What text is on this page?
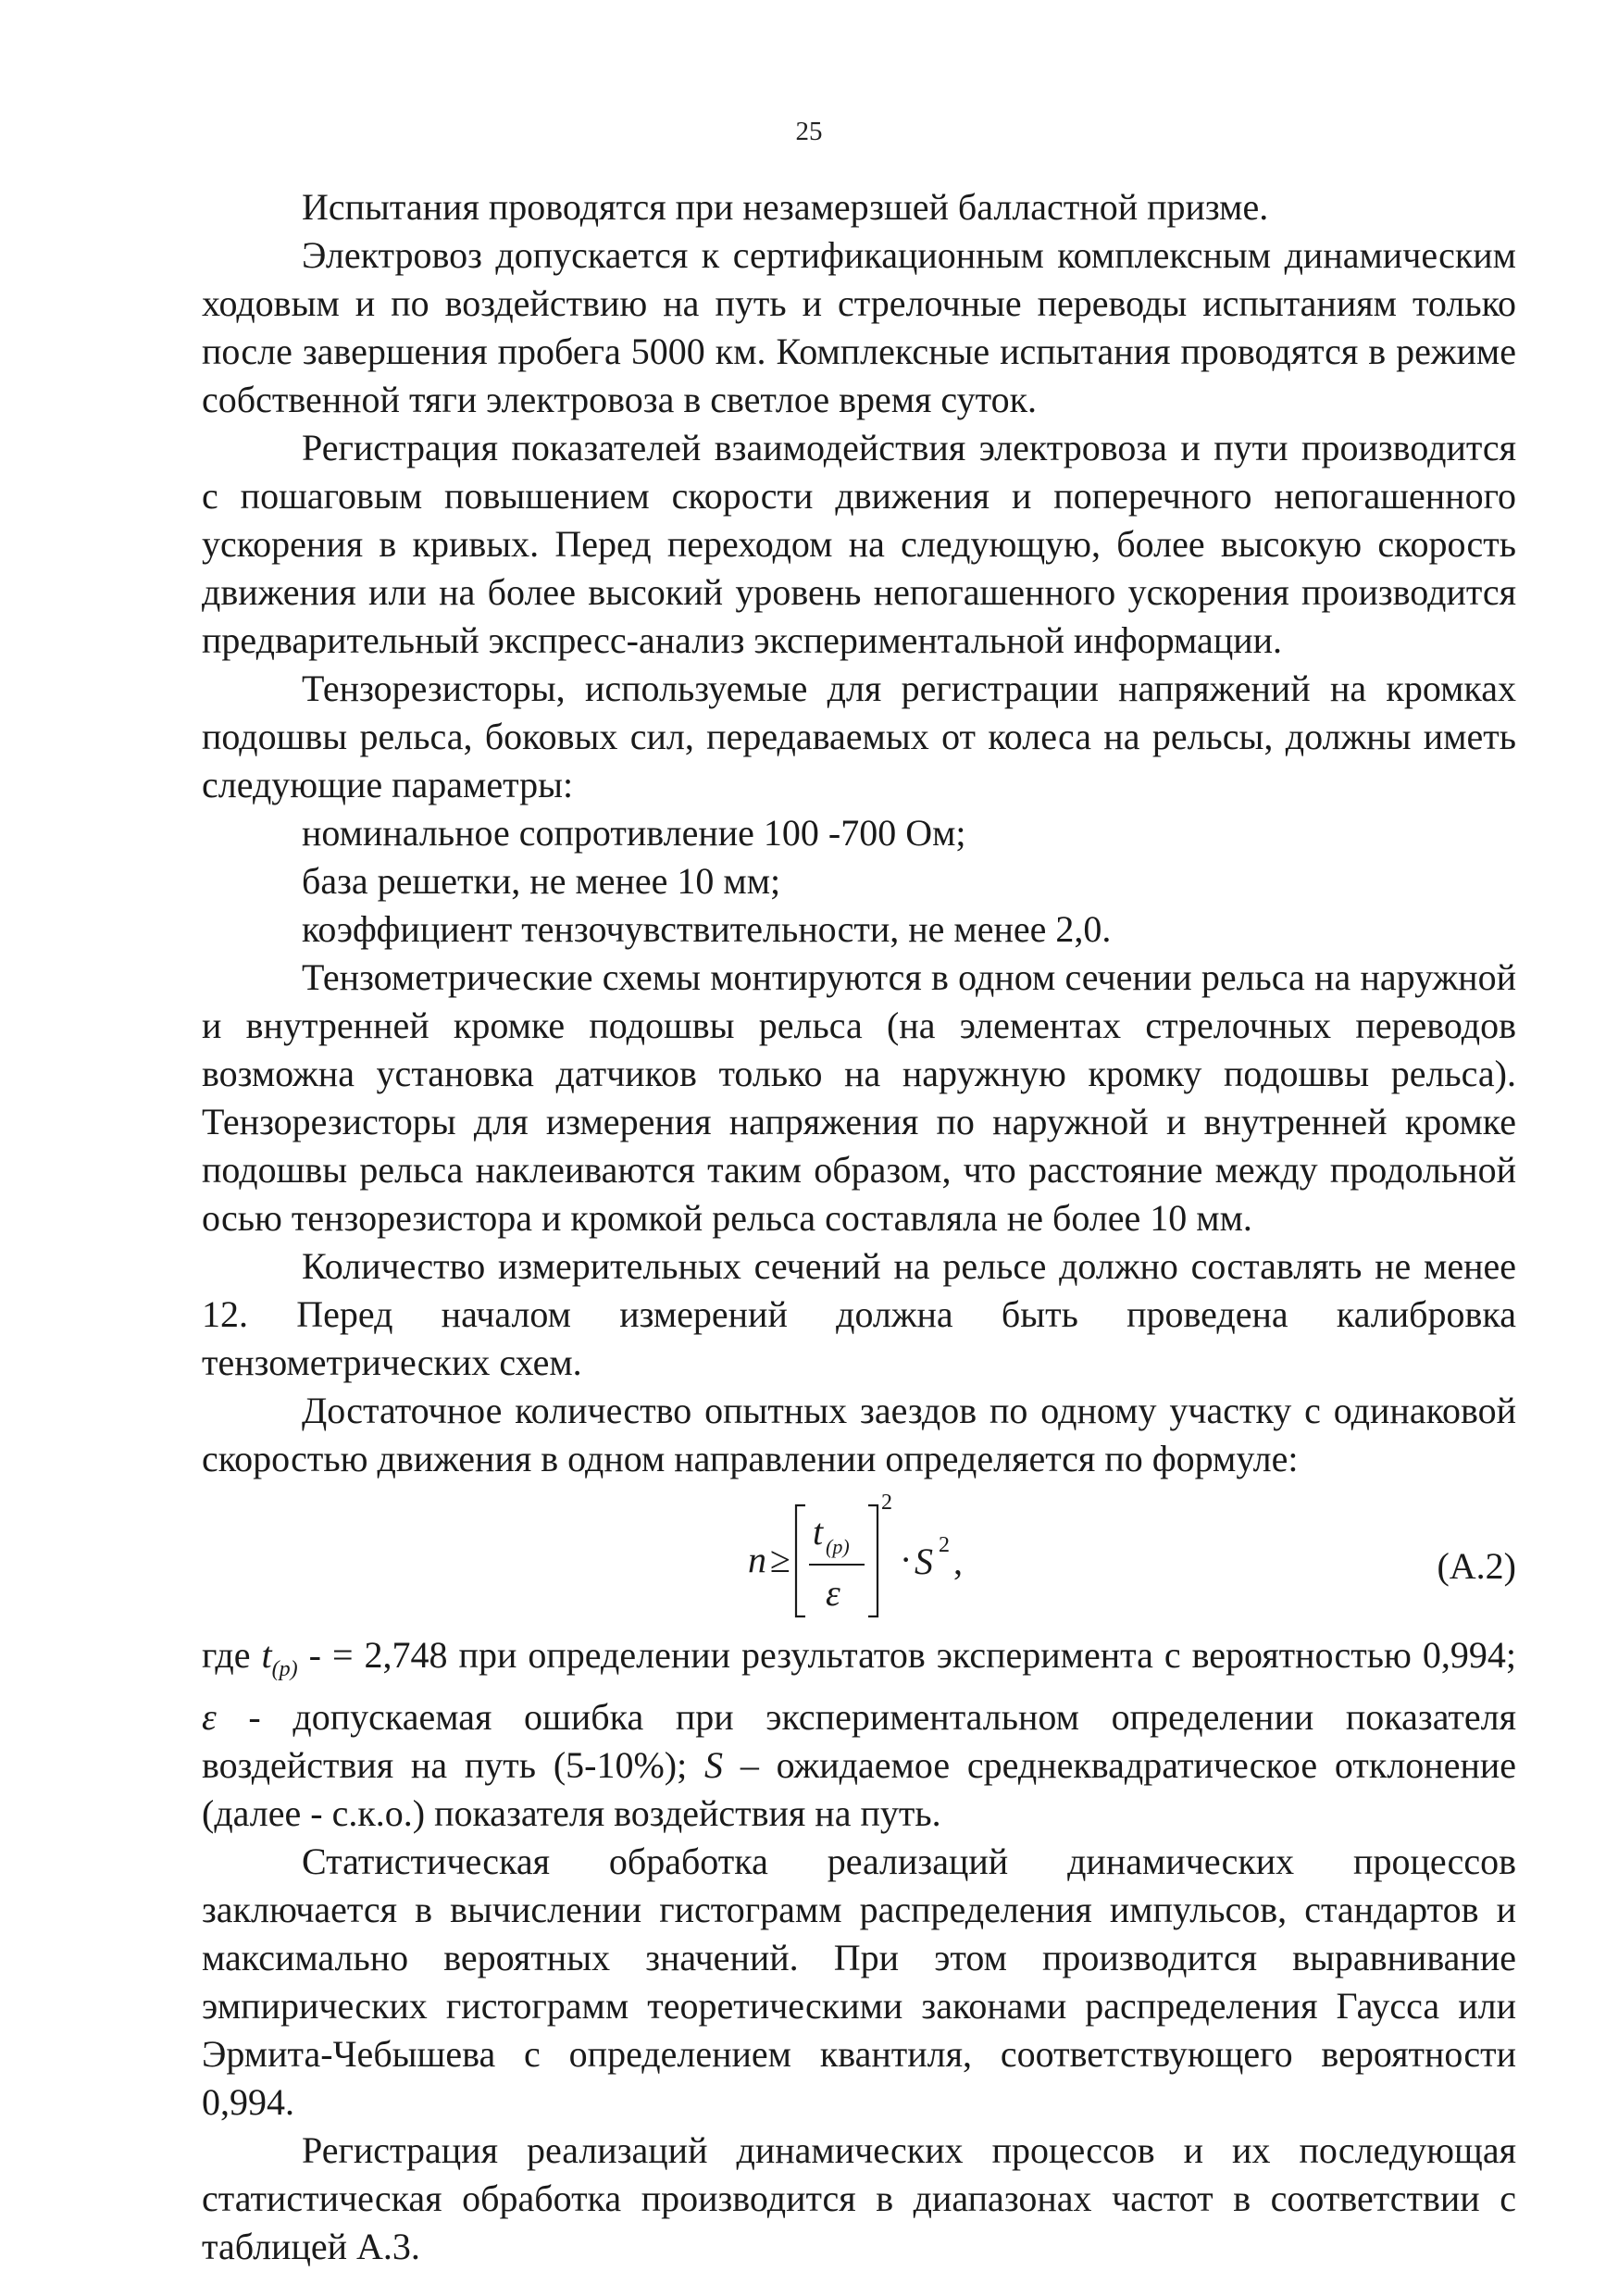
25

Испытания проводятся при незамерзшей балластной призме.

Электровоз допускается к сертификационным комплексным динамическим ходовым и по воздействию на путь и стрелочные переводы испытаниям только после завершения пробега 5000 км. Комплексные испытания проводятся в режиме собственной тяги электровоза в светлое время суток.

Регистрация показателей взаимодействия электровоза и пути производится с пошаговым повышением скорости движения и поперечного непогашенного ускорения в кривых. Перед переходом на следующую, более высокую скорость движения или на более высокий уровень непогашенного ускорения производится предварительный экспресс-анализ экспериментальной информации.

Тензорезисторы, используемые для регистрации напряжений на кромках подошвы рельса, боковых сил, передаваемых от колеса на рельсы, должны иметь следующие параметры:

номинальное сопротивление 100 -700 Ом;

база решетки, не менее 10 мм;

коэффициент тензочувствительности, не менее 2,0.

Тензометрические схемы монтируются в одном сечении рельса на наружной и внутренней кромке подошвы рельса (на элементах стрелочных переводов возможна установка датчиков только на наружную кромку подошвы рельса). Тензорезисторы для измерения напряжения по наружной и внутренней кромке подошвы рельса наклеиваются таким образом, что расстояние между продольной осью тензорезистора и кромкой рельса составляла не более 10 мм.

Количество измерительных сечений на рельсе должно составлять не менее 12. Перед началом измерений должна быть проведена калибровка тензометрических схем.

Достаточное количество опытных заездов по одному участку с одинаковой скоростью движения в одном направлении определяется по формуле:

n ≥
t (p)
ε
2
· S 2 ,	(А.2)

где $t_{(p)}$ - = 2,748 при определении результатов эксперимента с вероятностью 0,994; ε - допускаемая ошибка при экспериментальном определении показателя воздействия на путь (5-10%); S – ожидаемое среднеквадратическое отклонение (далее - с.к.о.) показателя воздействия на путь.

Статистическая обработка реализаций динамических процессов заключается в вычислении гистограмм распределения импульсов, стандартов и максимально вероятных значений. При этом производится выравнивание эмпирических гистограмм теоретическими законами распределения Гаусса или Эрмита-Чебышева с определением квантиля, соответствующего вероятности 0,994.

Регистрация реализаций динамических процессов и их последующая статистическая обработка производится в диапазонах частот в соответствии с таблицей А.3.
